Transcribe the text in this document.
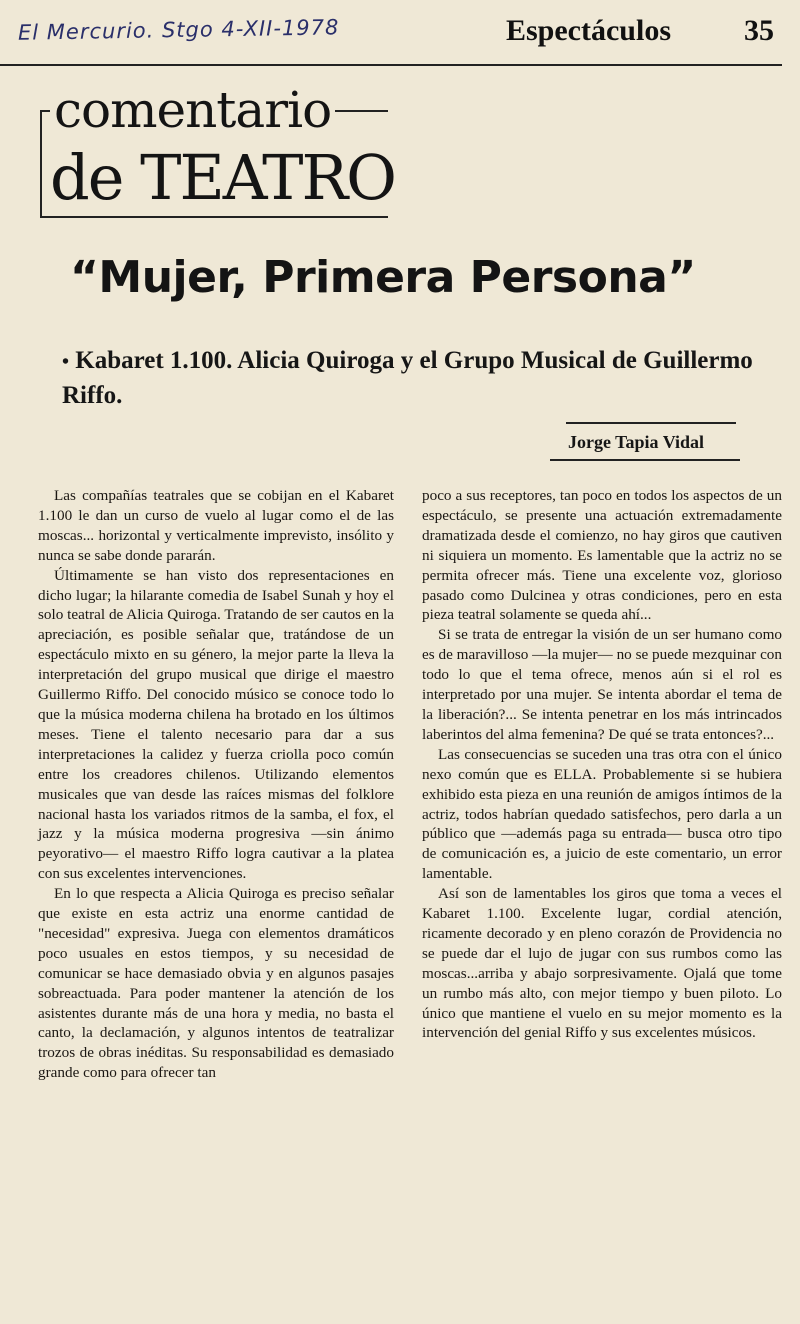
El Mercurio. Stgo 4-XII-1978	Espectáculos 35
comentario
de TEATRO
“Mujer, Primera Persona”
• Kabaret 1.100. Alicia Quiroga y el Grupo Musical de Guillermo Riffo.
Jorge Tapia Vidal

Las compañías teatrales que se cobijan en el Kabaret 1.100 le dan un curso de vuelo al lugar como el de las moscas... horizontal y verticalmente imprevisto, insólito y nunca se sabe donde pararán.

Últimamente se han visto dos representaciones en dicho lugar; la hilarante comedia de Isabel Sunah y hoy el solo teatral de Alicia Quiroga. Tratando de ser cautos en la apreciación, es posible señalar que, tratándose de un espectáculo mixto en su género, la mejor parte la lleva la interpretación del grupo musical que dirige el maestro Guillermo Riffo. Del conocido músico se conoce todo lo que la música moderna chilena ha brotado en los últimos meses. Tiene el talento necesario para dar a sus interpretaciones la calidez y fuerza criolla poco común entre los creadores chilenos. Utilizando elementos musicales que van desde las raíces mismas del folklore nacional hasta los variados ritmos de la samba, el fox, el jazz y la música moderna progresiva —sin ánimo peyorativo— el maestro Riffo logra cautivar a la platea con sus excelentes intervenciones.

En lo que respecta a Alicia Quiroga es preciso señalar que existe en esta actriz una enorme cantidad de "necesidad" expresiva. Juega con elementos dramáticos poco usuales en estos tiempos, y su necesidad de comunicar se hace demasiado obvia y en algunos pasajes sobreactuada. Para poder mantener la atención de los asistentes durante más de una hora y media, no basta el canto, la declamación, y algunos intentos de teatralizar trozos de obras inéditas. Su responsabilidad es demasiado grande como para ofrecer tan

poco a sus receptores, tan poco en todos los aspectos de un espectáculo, se presente una actuación extremadamente dramatizada desde el comienzo, no hay giros que cautiven ni siquiera un momento. Es lamentable que la actriz no se permita ofrecer más. Tiene una excelente voz, glorioso pasado como Dulcinea y otras condiciones, pero en esta pieza teatral solamente se queda ahí...

Si se trata de entregar la visión de un ser humano como es de maravilloso —la mujer— no se puede mezquinar con todo lo que el tema ofrece, menos aún si el rol es interpretado por una mujer. Se intenta abordar el tema de la liberación?... Se intenta penetrar en los más intrincados laberintos del alma femenina? De qué se trata entonces?...

Las consecuencias se suceden una tras otra con el único nexo común que es ELLA. Probablemente si se hubiera exhibido esta pieza en una reunión de amigos íntimos de la actriz, todos habrían quedado satisfechos, pero darla a un público que —además paga su entrada— busca otro tipo de comunicación es, a juicio de este comentario, un error lamentable.

Así son de lamentables los giros que toma a veces el Kabaret 1.100. Excelente lugar, cordial atención, ricamente decorado y en pleno corazón de Providencia no se puede dar el lujo de jugar con sus rumbos como las moscas...arriba y abajo sorpresivamente. Ojalá que tome un rumbo más alto, con mejor tiempo y buen piloto. Lo único que mantiene el vuelo en su mejor momento es la intervención del genial Riffo y sus excelentes músicos.
